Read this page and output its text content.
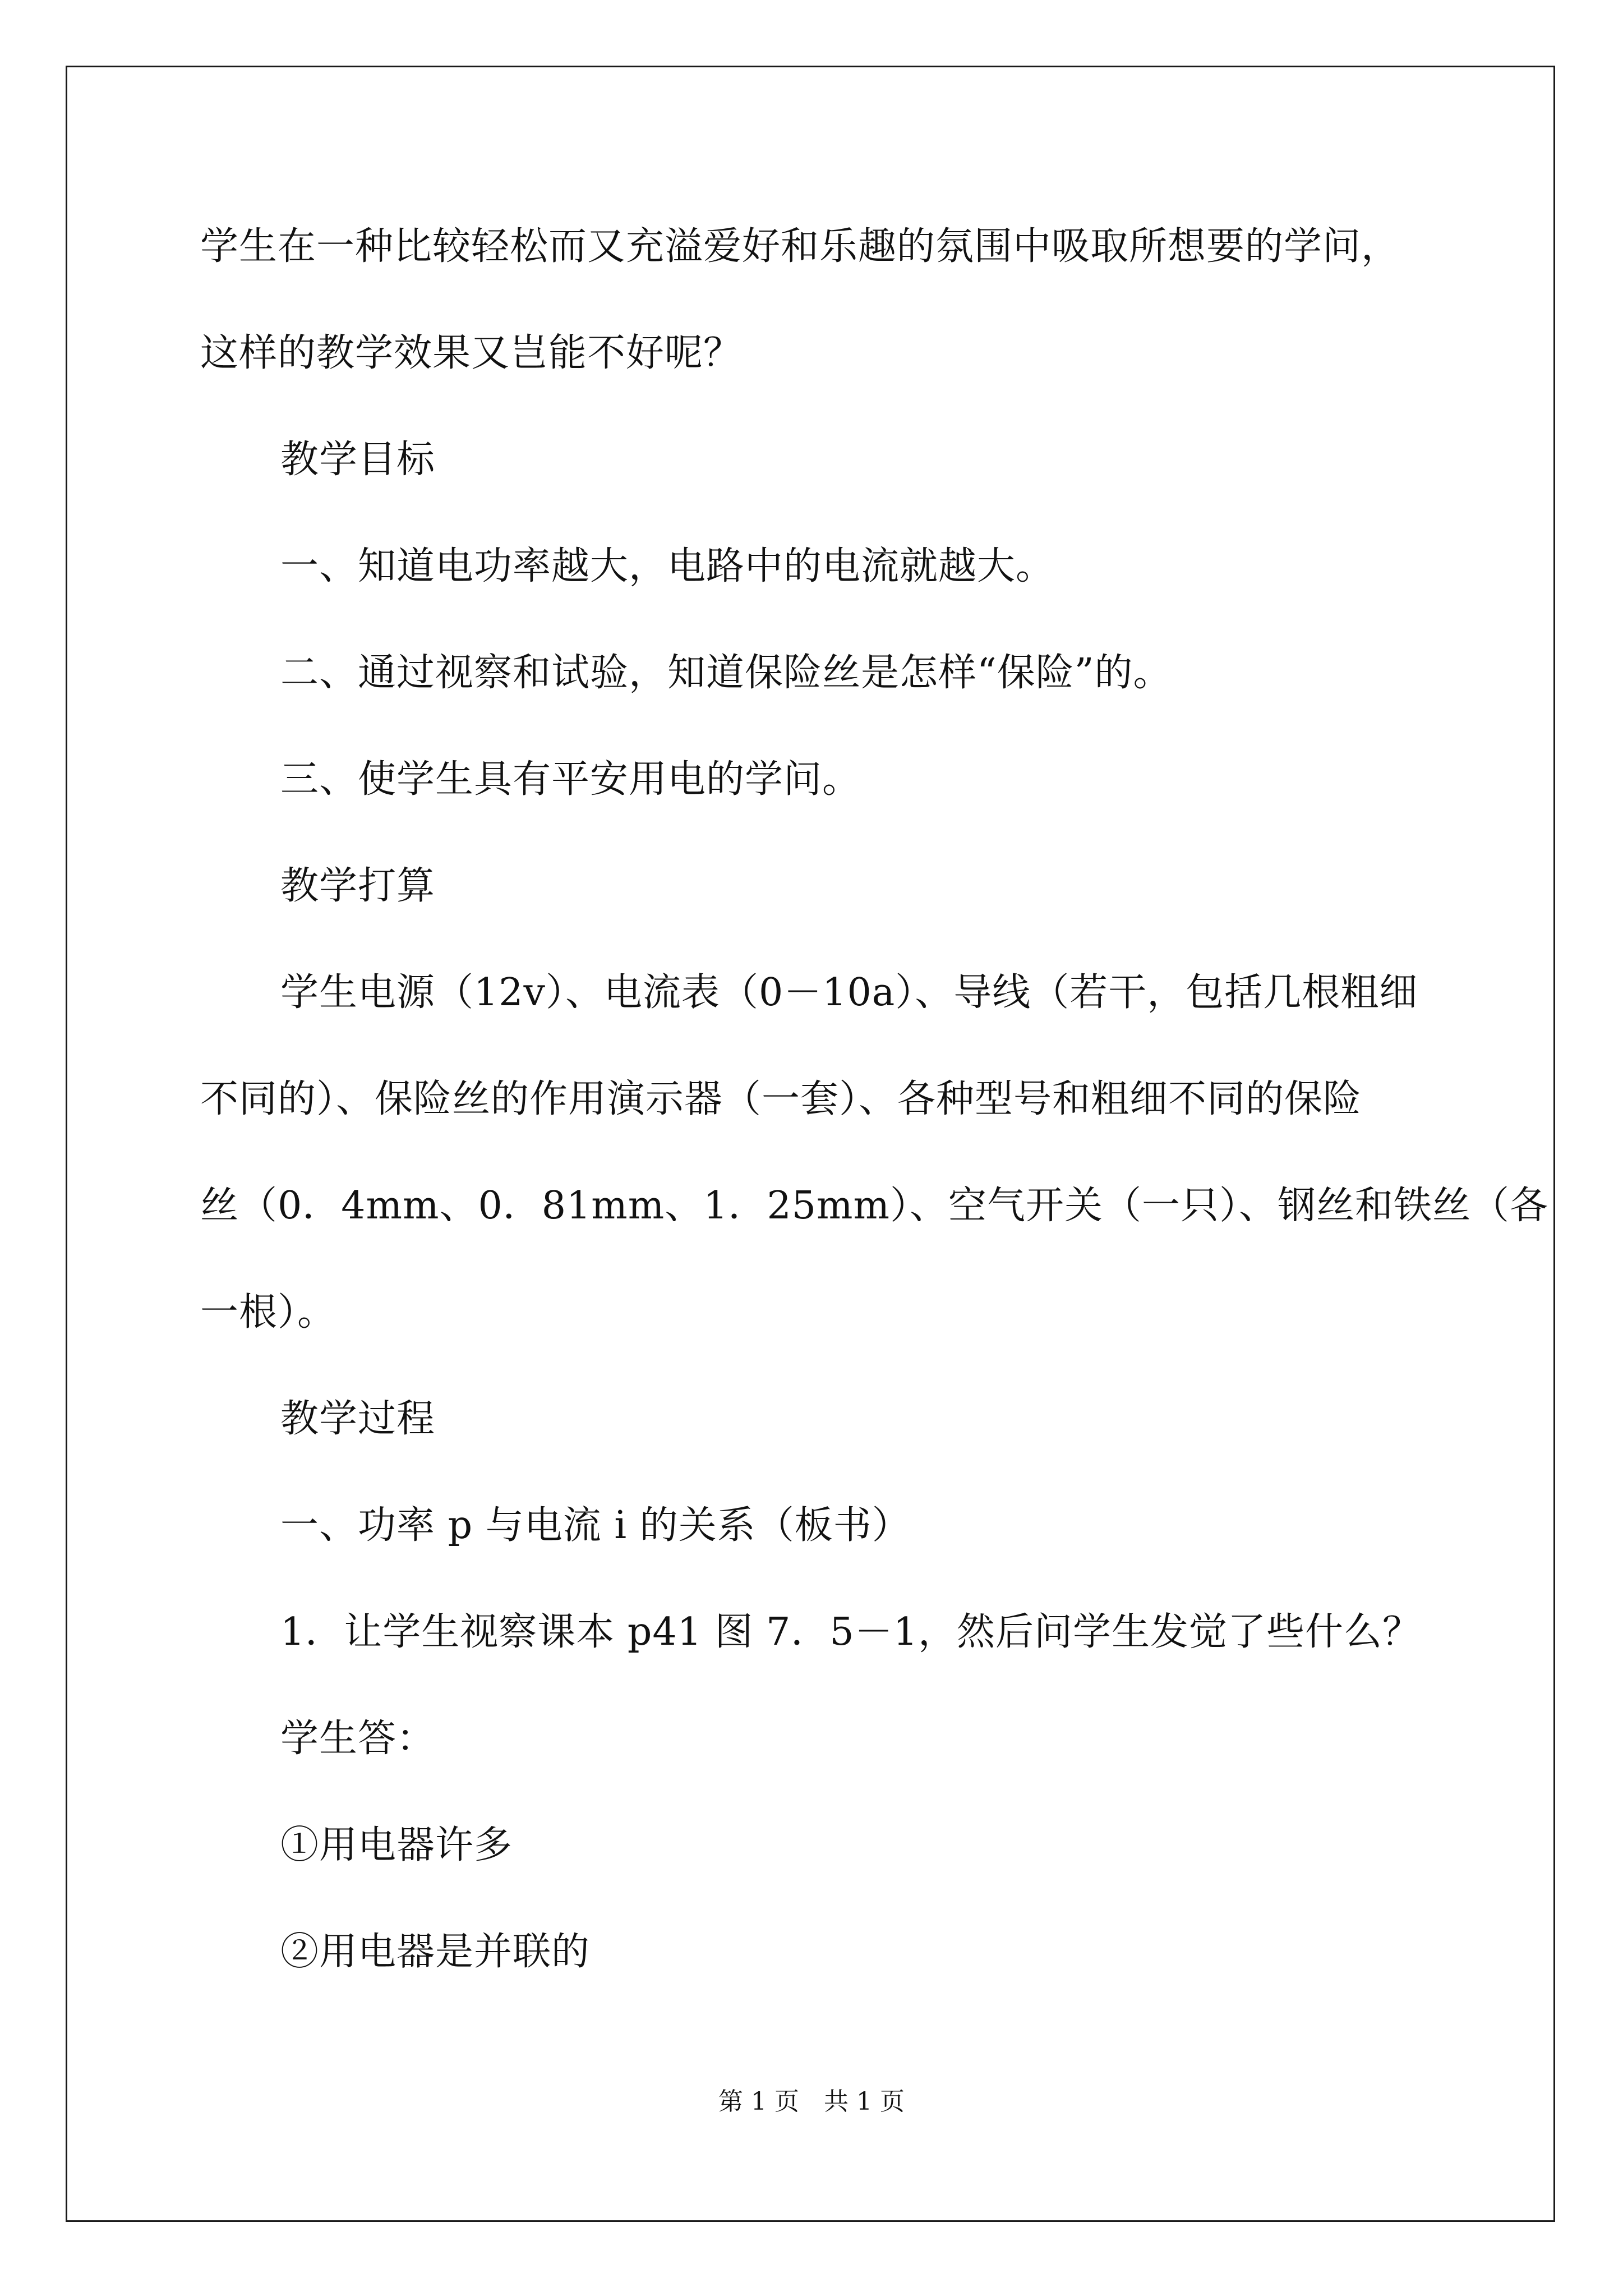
学生在一种比较轻松而又充溢爱好和乐趣的氛围中吸取所想要的学问，
这样的教学效果又岂能不好呢？
教学目标
一、知道电功率越大，电路中的电流就越大。
二、通过视察和试验，知道保险丝是怎样“保险”的。
三、使学生具有平安用电的学问。
教学打算
学生电源（12v）、电流表（0－10a）、导线（若干，包括几根粗细
不同的）、保险丝的作用演示器（一套）、各种型号和粗细不同的保险
丝（0．4mm、0．81mm、1．25mm）、空气开关（一只）、钢丝和铁丝（各
一根）。
教学过程
一、功率 p 与电流 i 的关系（板书）
1．让学生视察课本 p41 图 7．5－1，然后问学生发觉了些什么？
学生答：
①用电器许多
②用电器是并联的
第 1 页　共 1 页
